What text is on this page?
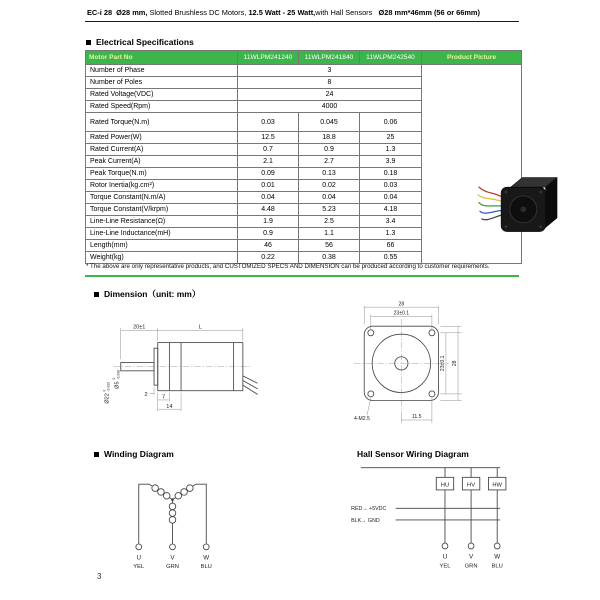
EC-i 28  Ø28 mm, Slotted Brushless DC Motors, 12.5 Watt - 25 Watt,with Hall Sensors   Ø28 mm*46mm (56 or 66mm)
Electrical Specifications
Motor Part No	11WLPM241240	11WLPM241840	11WLPM242540	Product Picture
Number of Phase	3	

Number of Poles	8			
Rated Voltage(VDC)	24			
Rated Speed(Rpm)	4000			
Rated Torque(N.m)	0.03	0.045	0.06	
Rated Power(W)	12.5	18.8	25	
Rated Current(A)	0.7	0.9	1.3	
Peak Current(A)	2.1	2.7	3.9	
Peak Torque(N.m)	0.09	0.13	0.18	
Rotor Inertia(kg.cm²)	0.01	0.02	0.03	
Torque Constant(N.m/A)	0.04	0.04	0.04	
Torque Constant(V/krpm)	4.48	5.23	4.18	
Line-Line Resistance(Ω)	1.9	2.5	3.4	
Line-Line Inductance(mH)	0.9	1.1	1.3	
Length(mm)	46	56	66	
Weight(kg)	0.22	0.38	0.55	
* The above are only representative products, and CUSTOMIZED SPECS AND DIMENSION can be produced according to customer requirements.
Dimension（unit: mm）
20±1	L
2 7
14
Ø5
0 -0.008
Ø22
0 -0.033
28
23±0.1
23±0.1 28
4-M2.5	11.5
Winding Diagram	Hall Sensor Wiring Diagram
U	V	W
YEL	GRN	BLU
HU	HV	HW
RED→ +5VDC
BLK→ GND
U	V	W
YEL GRN BLU
3
